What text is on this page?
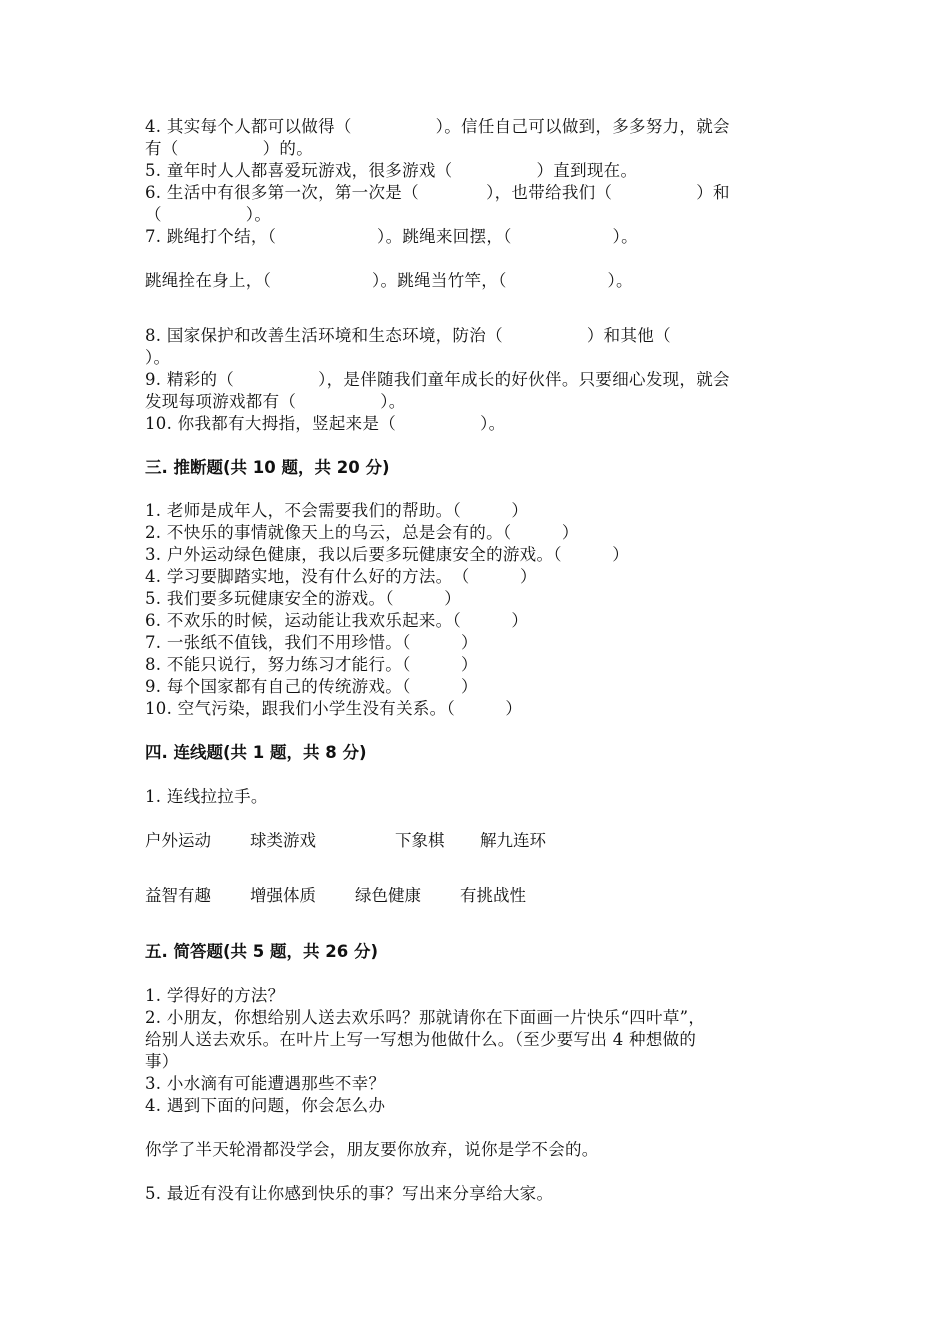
4. 其实每个人都可以做得（　　　　　）。信任自己可以做到，多多努力，就会
有（　　　　　）的。
5. 童年时人人都喜爱玩游戏，很多游戏（　　　　　）直到现在。
6. 生活中有很多第一次，第一次是（　　　　），也带给我们（　　　　　）和
（　　　　　）。
7. 跳绳打个结，（　　　　　　）。跳绳来回摆，（　　　　　　）。
跳绳拴在身上，（　　　　　　）。跳绳当竹竿，（　　　　　　）。
8. 国家保护和改善生活环境和生态环境，防治（　　　　　）和其他（
）。
9. 精彩的（　　　　　），是伴随我们童年成长的好伙伴。只要细心发现，就会
发现每项游戏都有（　　　　　）。
10. 你我都有大拇指，竖起来是（　　　　　）。
三. 推断题(共 10 题，共 20 分)
1. 老师是成年人，不会需要我们的帮助。（　　　）
2. 不快乐的事情就像天上的乌云，总是会有的。（　　　）
3. 户外运动绿色健康，我以后要多玩健康安全的游戏。（　　　）
4. 学习要脚踏实地，没有什么好的方法。　（　　　）
5. 我们要多玩健康安全的游戏。（　　　）
6. 不欢乐的时候，运动能让我欢乐起来。（　　　）
7. 一张纸不值钱，我们不用珍惜。（　　　）
8. 不能只说行，努力练习才能行。（　　　）
9. 每个国家都有自己的传统游戏。（　　　）
10. 空气污染，跟我们小学生没有关系。（　　　）
四. 连线题(共 1 题，共 8 分)
1. 连线拉拉手。
户外运动 球类游戏	下象棋 解九连环
益智有趣 增强体质 绿色健康 有挑战性
五. 简答题(共 5 题，共 26 分)
1. 学得好的方法？
2. 小朋友，你想给别人送去欢乐吗？那就请你在下面画一片快乐“四叶草”，
给别人送去欢乐。在叶片上写一写想为他做什么。（至少要写出 4 种想做的
事）
3. 小水滴有可能遭遇那些不幸？
4. 遇到下面的问题，你会怎么办
你学了半天轮滑都没学会，朋友要你放弃，说你是学不会的。
5. 最近有没有让你感到快乐的事？写出来分享给大家。
